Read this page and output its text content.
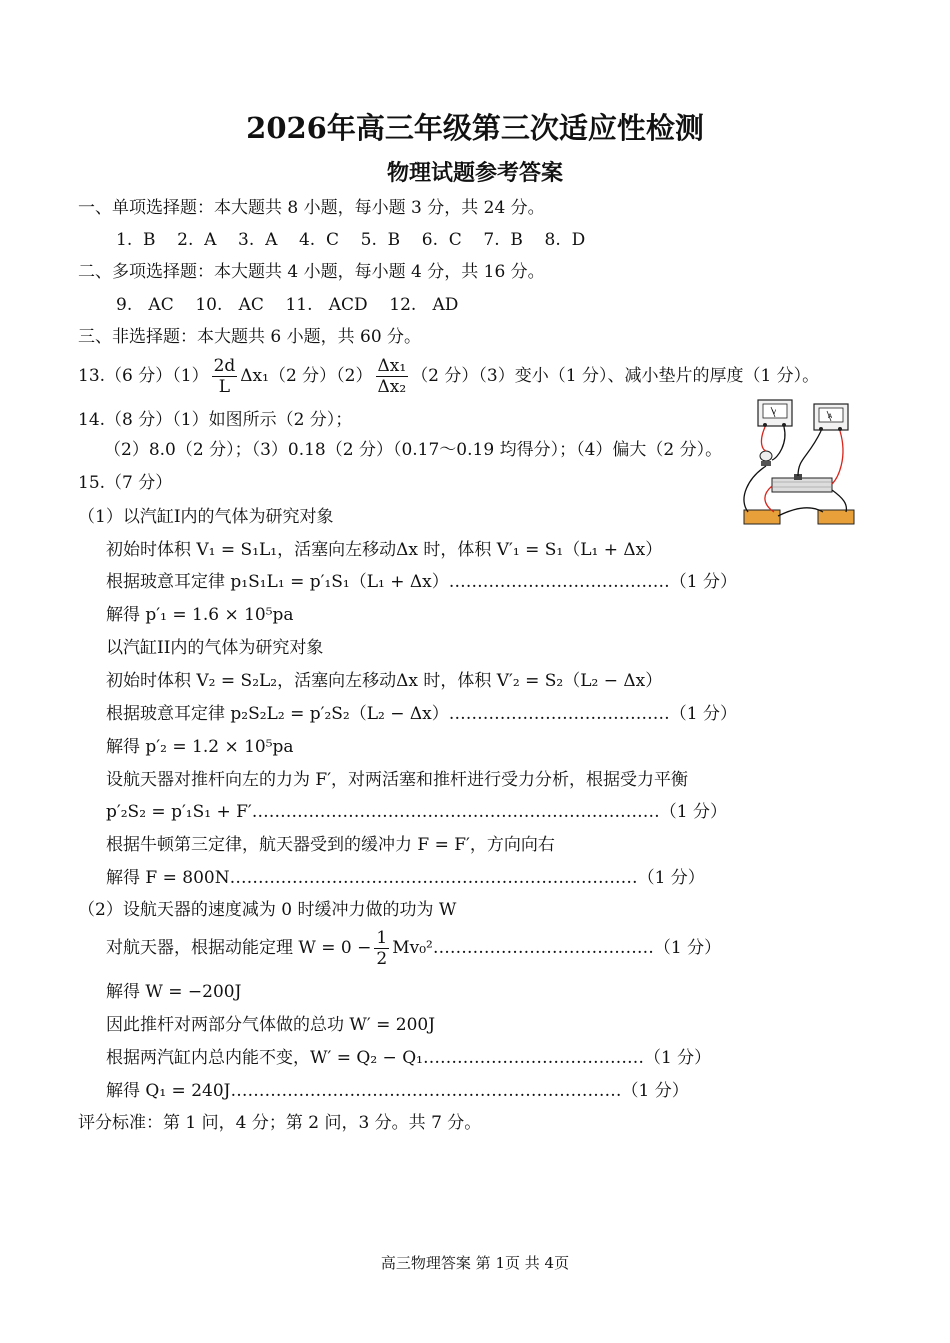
2026年高三年级第三次适应性检测
物理试题参考答案
一、单项选择题：本大题共 8 小题，每小题 3 分，共 24 分。
1.  B    2.  A    3.  A    4.  C    5.  B    6.  C    7.  B    8.  D
二、多项选择题：本大题共 4 小题，每小题 4 分，共 16 分。
9.   AC    10.   AC    11.   ACD    12.   AD
三、非选择题：本大题共 6 小题，共 60 分。
13.（6 分）$(1) \frac{2d}{L} \Delta x_1(2$ 分）$(2) \frac{\text{Δx₁}}{\text{Δx₂}} (2$ 分）（3）变小（1 分）、减小垫片的厚度（1 分）。
14.（8 分）（1）如图所示（2 分）；
（2）8.0（2 分）；（3）0.18（2 分）（0.17～0.19 均得分）；（4）偏大（2 分）。
V
A
15.（7 分）
（1）以汽缸I内的气体为研究对象
初始时体积 V₁ = S₁L₁，活塞向左移动Δx 时，体积 V′₁ = S₁（L₁ + Δx）
根据玻意耳定律 p₁S₁L₁ = p′₁S₁（L₁ + Δx）…………………………………（1 分）
解得 p′₁ = 1.6 × 10⁵pa
以汽缸II内的气体为研究对象
初始时体积 V₂ = S₂L₂，活塞向左移动Δx 时，体积 V′₂ = S₂（L₂ − Δx）
根据玻意耳定律 p₂S₂L₂ = p′₂S₂（L₂ − Δx）…………………………………（1 分）
解得 p′₂ = 1.2 × 10⁵pa
设航天器对推杆向左的力为 F′，对两活塞和推杆进行受力分析，根据受力平衡
p′₂S₂ = p′₁S₁ + F′………………………………………………………………（1 分）
根据牛顿第三定律，航天器受到的缓冲力 F = F′，方向向右
解得 F = 800N………………………………………………………………（1 分）
（2）设航天器的速度减为 0 时缓冲力做的功为 W
对航天器，根据动能定理 $W = 0 - \frac{1}{2}$ Mv₀²…………………………………（1 分）
解得 W = −200J
因此推杆对两部分气体做的总功 W′ = 200J
根据两汽缸内总内能不变，W′ = Q₂ − Q₁…………………………………（1 分）
解得 Q₁ = 240J……………………………………………………………（1 分）
评分标准：第 1 问，4 分；第 2 问，3 分。共 7 分。
高三物理答案 第 1页 共 4页
